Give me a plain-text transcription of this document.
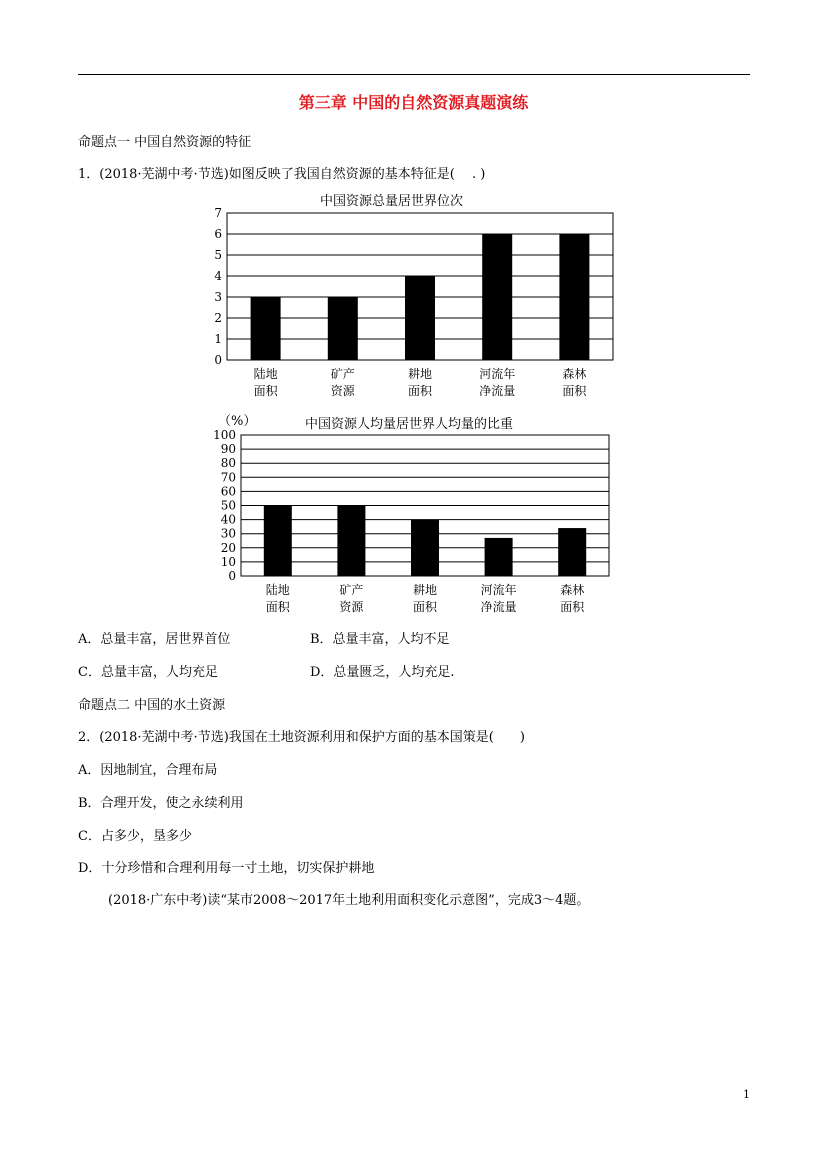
第三章 中国的自然资源真题演练
命题点一 中国自然资源的特征
1．(2018·芜湖中考·节选)如图反映了我国自然资源的基本特征是(　 . )
中国资源总量居世界位次
0
1
2
3
4
5
6
7
陆地
面积
矿产
资源
耕地
面积
河流年
净流量
森林
面积
（%）	中国资源人均量居世界人均量的比重
0
10
20
30
40
50
60
70
80
90
100
陆地
面积
矿产
资源
耕地
面积
河流年
净流量
森林
面积
A．总量丰富，居世界首位	B．总量丰富，人均不足
C．总量丰富，人均充足	D．总量匮乏，人均充足.
命题点二 中国的水土资源
2．(2018·芜湖中考·节选)我国在土地资源利用和保护方面的基本国策是(　　)
A．因地制宜，合理布局
B．合理开发，使之永续利用
C．占多少，垦多少
D．十分珍惜和合理利用每一寸土地，切实保护耕地
(2018·广东中考)读“某市2008～2017年土地利用面积变化示意图”，完成3～4题。
1
